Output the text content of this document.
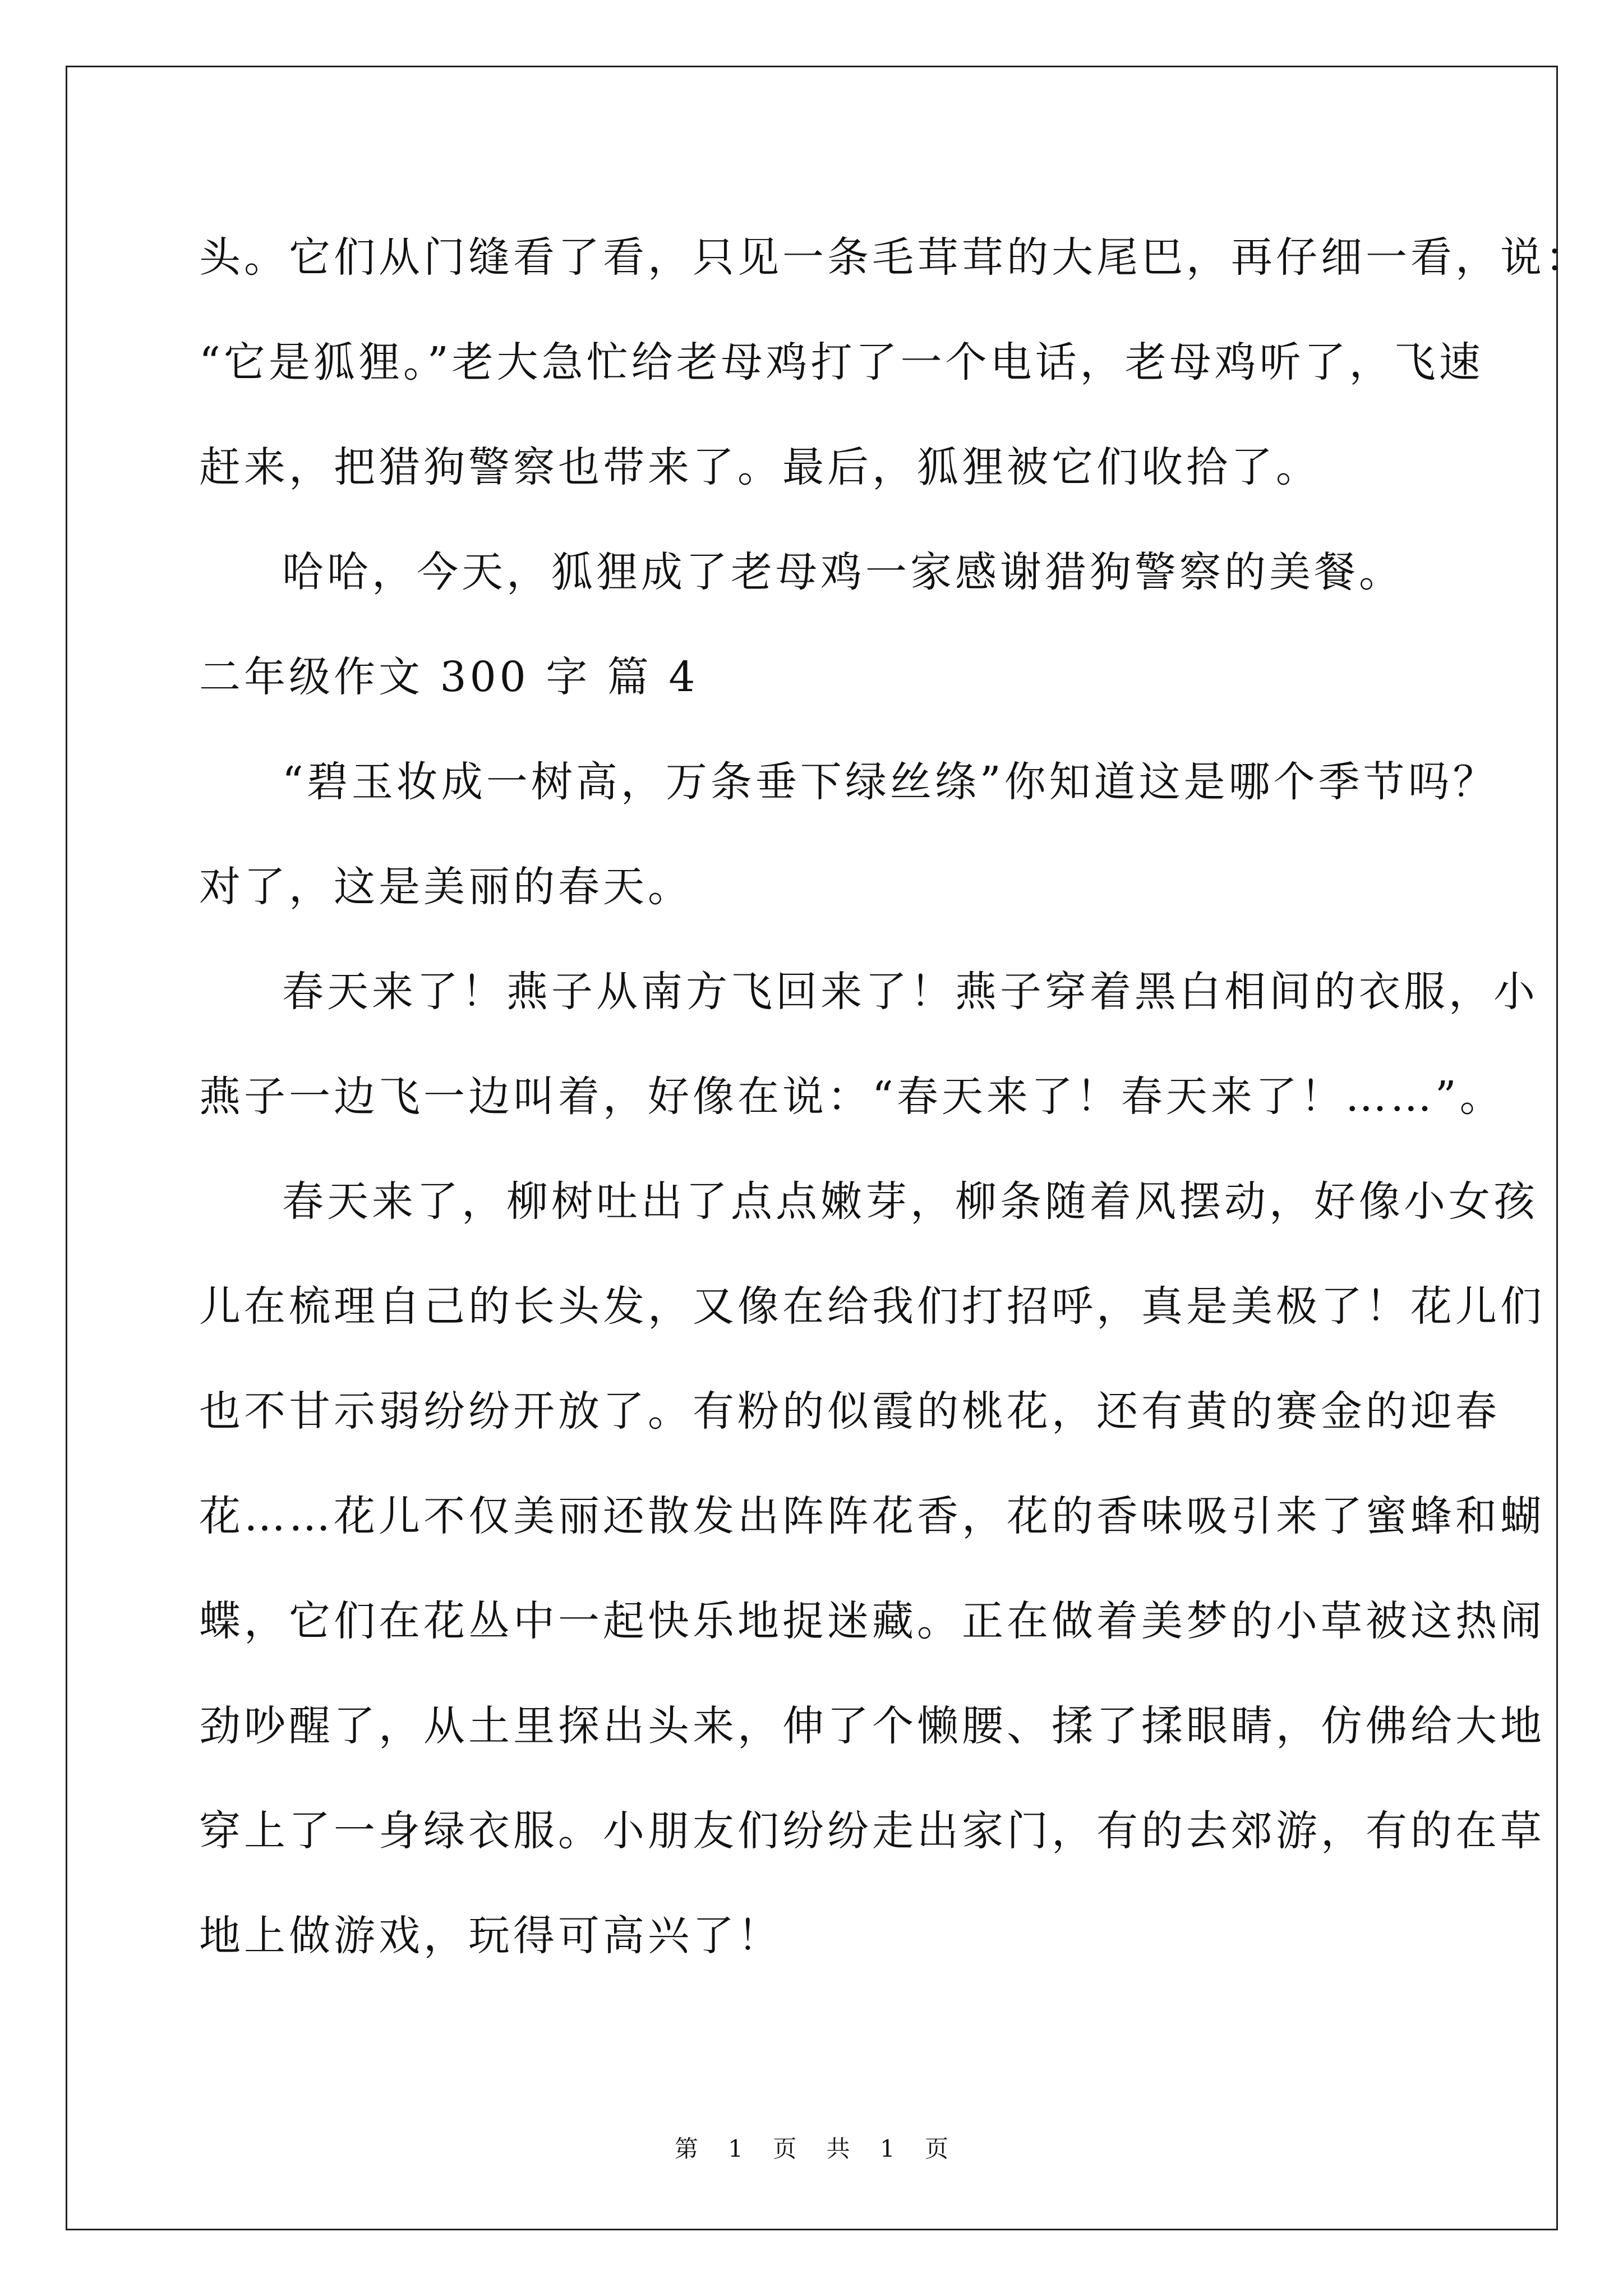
头。它们从门缝看了看，只见一条毛茸茸的大尾巴，再仔细一看，说：
“它是狐狸。”老大急忙给老母鸡打了一个电话，老母鸡听了，飞速
赶来，把猎狗警察也带来了。最后，狐狸被它们收拾了。
哈哈，今天，狐狸成了老母鸡一家感谢猎狗警察的美餐。
二年级作文 300 字 篇 4
“碧玉妆成一树高，万条垂下绿丝绦”你知道这是哪个季节吗？
对了，这是美丽的春天。
春天来了！燕子从南方飞回来了！燕子穿着黑白相间的衣服，小
燕子一边飞一边叫着，好像在说：“春天来了！春天来了！……”。
春天来了，柳树吐出了点点嫩芽，柳条随着风摆动，好像小女孩
儿在梳理自己的长头发，又像在给我们打招呼，真是美极了！花儿们
也不甘示弱纷纷开放了。有粉的似霞的桃花，还有黄的赛金的迎春
花……花儿不仅美丽还散发出阵阵花香，花的香味吸引来了蜜蜂和蝴
蝶，它们在花丛中一起快乐地捉迷藏。正在做着美梦的小草被这热闹
劲吵醒了，从土里探出头来，伸了个懒腰、揉了揉眼睛，仿佛给大地
穿上了一身绿衣服。小朋友们纷纷走出家门，有的去郊游，有的在草
地上做游戏，玩得可高兴了！
第 1 页 共 1 页
